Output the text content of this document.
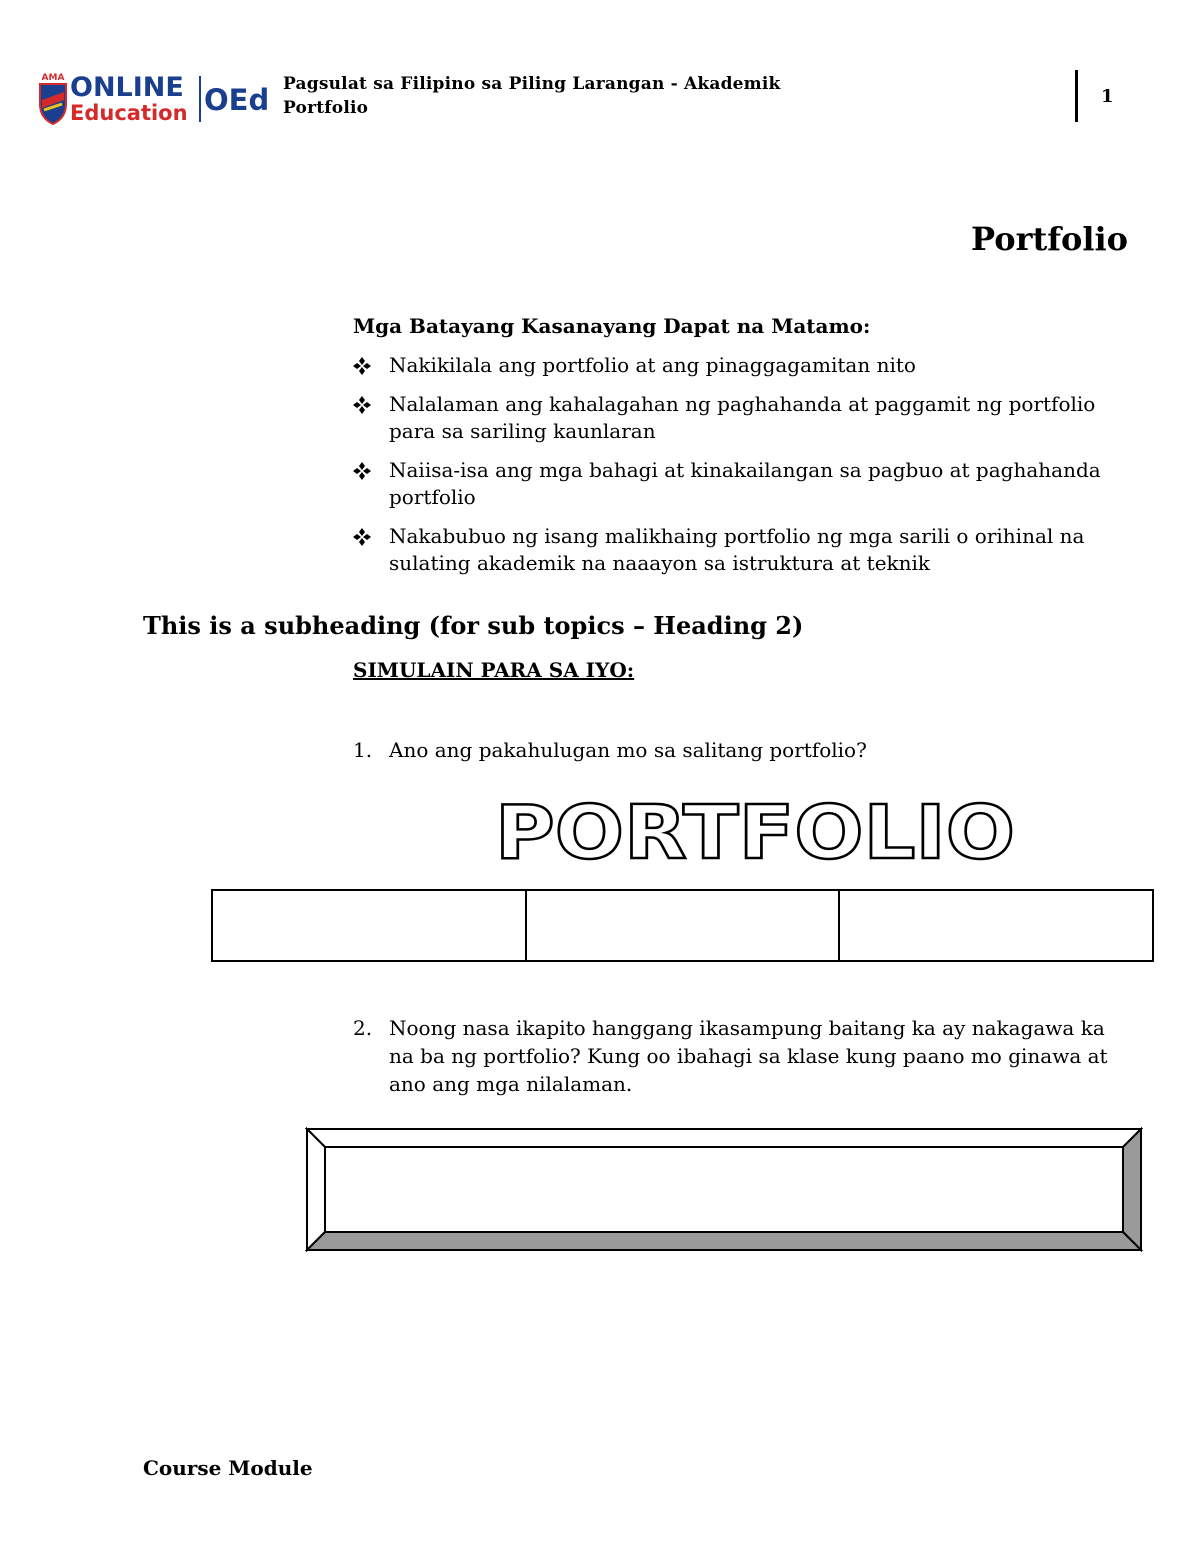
AMA ONLINE
Education OEd Pagsulat sa Filipino sa Piling Larangan - Akademik
Portfolio
1
Portfolio
Mga Batayang Kasanayang Dapat na Matamo:
Nakikilala ang portfolio at ang pinaggagamitan nito
Nalalaman ang kahalagahan ng paghahanda at paggamit ng portfolio para sa sariling kaunlaran
Naiisa-isa ang mga bahagi at kinakailangan sa pagbuo at paghahanda portfolio
Nakabubuo ng isang malikhaing portfolio ng mga sarili o orihinal na sulating akademik na naaayon sa istruktura at teknik
This is a subheading (for sub topics – Heading 2)
SIMULAIN PARA SA IYO:
1. Ano ang pakahulugan mo sa salitang portfolio?
PORTFOLIO

2. Noong nasa ikapito hanggang ikasampung baitang ka ay nakagawa ka na ba ng portfolio? Kung oo ibahagi sa klase kung paano mo ginawa at ano ang mga nilalaman.
Course Module
